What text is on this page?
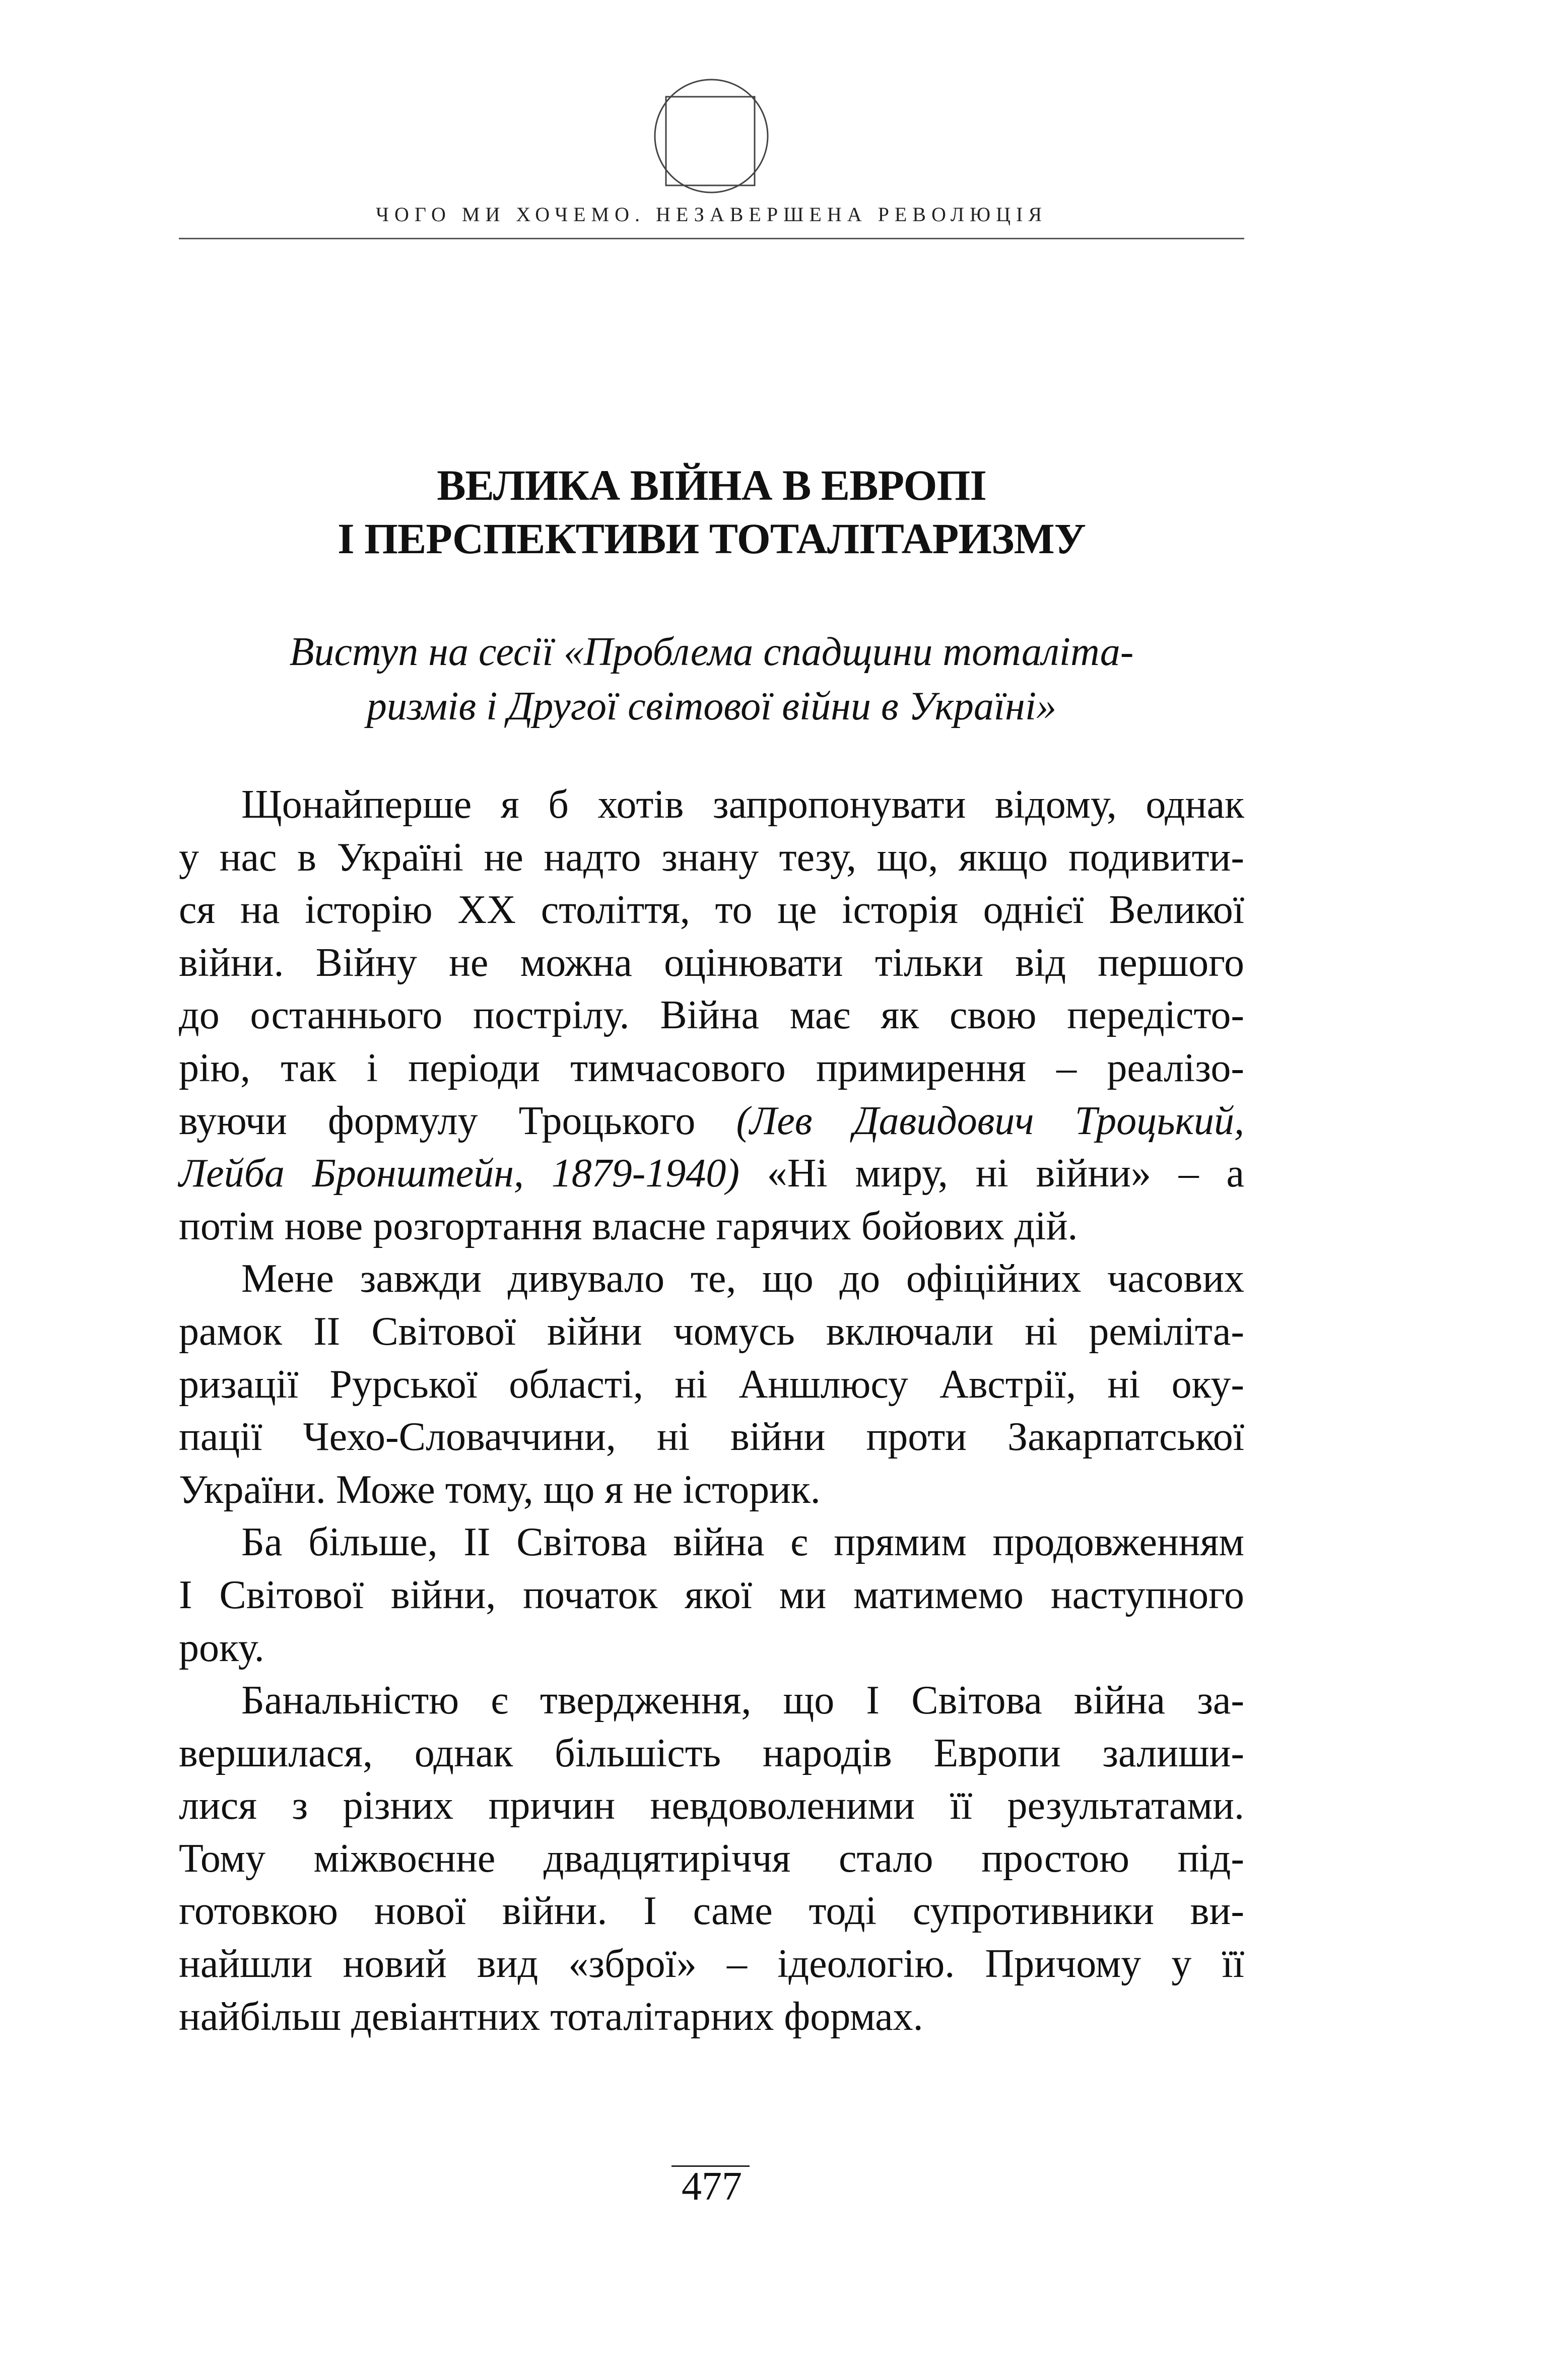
ЧОГО МИ ХОЧЕМО. НЕЗАВЕРШЕНА РЕВОЛЮЦІЯ
ВЕЛИКА ВІЙНА В ЕВРОПІ
І ПЕРСПЕКТИВИ ТОТАЛІТАРИЗМУ
Виступ на сесії «Проблема спадщини тоталіта-
ризмів і Другої світової війни в Україні»
Щонайперше я б хотів запропонувати відому, однак
у нас в Україні не надто знану тезу, що, якщо подивити-
ся на історію XX століття, то це історія однієї Великої
війни. Війну не можна оцінювати тільки від першого
до останнього пострілу. Війна має як свою передісто-
рію, так і періоди тимчасового примирення – реалізо-
вуючи формулу Троцького (Лев Давидович Троцький,
Лейба Бронштейн, 1879-1940) «Ні миру, ні війни» – а
потім нове розгортання власне гарячих бойових дій.
Мене завжди дивувало те, що до офіційних часових
рамок II Світової війни чомусь включали ні реміліта-
ризації Рурської області, ні Аншлюсу Австрії, ні оку-
пації Чехо-Словаччини, ні війни проти Закарпатської
України. Може тому, що я не історик.
Ба більше, II Світова війна є прямим продовженням
I Світової війни, початок якої ми матимемо наступного
року.
Банальністю є твердження, що I Світова війна за-
вершилася, однак більшість народів Европи залиши-
лися з різних причин невдоволеними її результатами.
Тому міжвоєнне двадцятиріччя стало простою під-
готовкою нової війни. І саме тоді супротивники ви-
найшли новий вид «зброї» – ідеологію. Причому у її
найбільш девіантних тоталітарних формах.
477
